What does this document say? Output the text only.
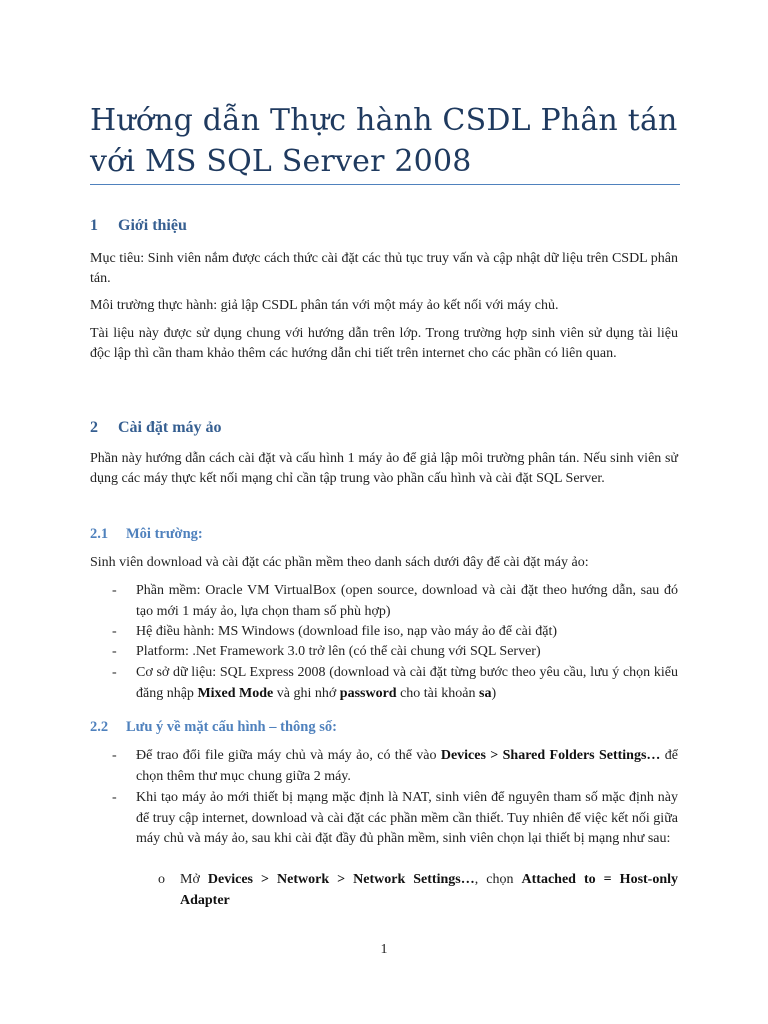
Hướng dẫn Thực hành CSDL Phân tán với MS SQL Server 2008
1 Giới thiệu
Mục tiêu: Sinh viên nắm được cách thức cài đặt các thủ tục truy vấn và cập nhật dữ liệu trên CSDL phân tán.
Môi trường thực hành: giả lập CSDL phân tán với một máy ảo kết nối với máy chủ.
Tài liệu này được sử dụng chung với hướng dẫn trên lớp. Trong trường hợp sinh viên sử dụng tài liệu độc lập thì cần tham khảo thêm các hướng dẫn chi tiết trên internet cho các phần có liên quan.
2 Cài đặt máy ảo
Phần này hướng dẫn cách cài đặt và cấu hình 1 máy ảo để giả lập môi trường phân tán. Nếu sinh viên sử dụng các máy thực kết nối mạng chỉ cần tập trung vào phần cấu hình và cài đặt SQL Server.
2.1 Môi trường:
Sinh viên download và cài đặt các phần mềm theo danh sách dưới đây để cài đặt máy ảo:
- Phần mềm: Oracle VM VirtualBox (open source, download và cài đặt theo hướng dẫn, sau đó tạo mới 1 máy ảo, lựa chọn tham số phù hợp)
- Hệ điều hành: MS Windows (download file iso, nạp vào máy ảo để cài đặt)
- Platform: .Net Framework 3.0 trở lên (có thể cài chung với SQL Server)
- Cơ sở dữ liệu: SQL Express 2008 (download và cài đặt từng bước theo yêu cầu, lưu ý chọn kiểu đăng nhập Mixed Mode và ghi nhớ password cho tài khoản sa)
2.2 Lưu ý về mặt cấu hình – thông số:
- Để trao đổi file giữa máy chủ và máy ảo, có thể vào Devices > Shared Folders Settings… để chọn thêm thư mục chung giữa 2 máy.
- Khi tạo máy ảo mới thiết bị mạng mặc định là NAT, sinh viên để nguyên tham số mặc định này để truy cập internet, download và cài đặt các phần mềm cần thiết. Tuy nhiên để việc kết nối giữa máy chủ và máy ảo, sau khi cài đặt đầy đủ phần mềm, sinh viên chọn lại thiết bị mạng như sau:
o Mở Devices > Network > Network Settings…, chọn Attached to = Host-only Adapter
1
